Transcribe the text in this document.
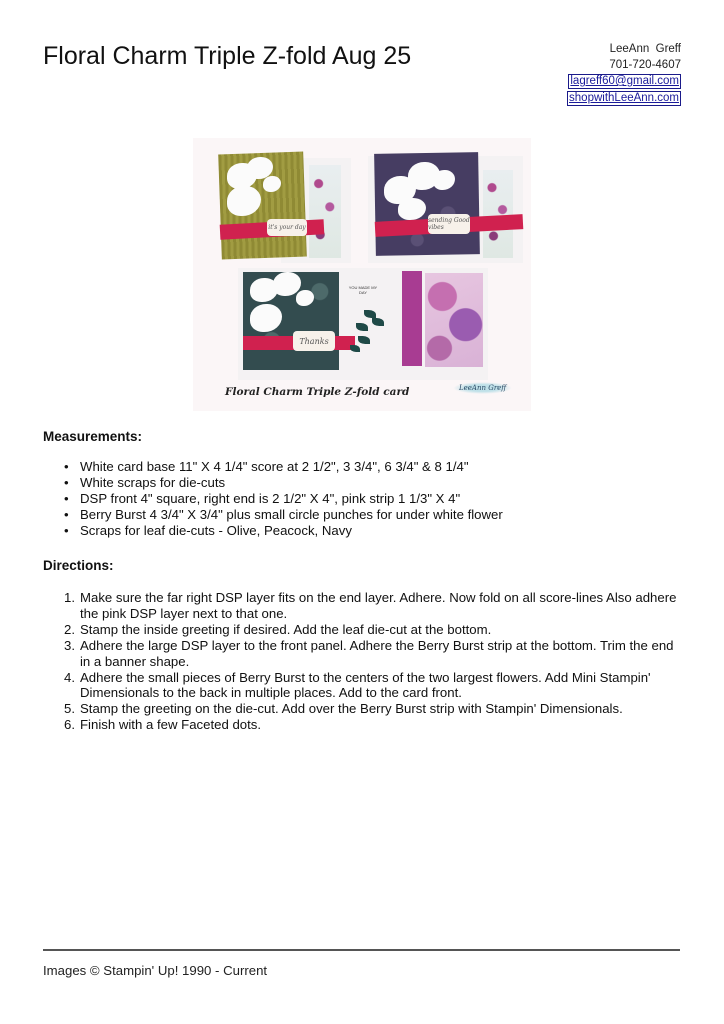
Floral Charm Triple Z-fold Aug 25	LeeAnn  Greff
701-720-4607
lagreff60@gmail.com
shopwithLeeAnn.com
it's your day
sending Good vibes
Thanks
YOU MADE MY DAY
Floral Charm Triple Z-fold card	LeeAnn Greff
Measurements:
• White card base 11" X 4 1/4" score at 2 1/2", 3 3/4", 6 3/4" & 8 1/4"
• White scraps for die-cuts
• DSP front 4" square, right end is 2 1/2" X 4", pink strip 1 1/3" X 4"
• Berry Burst 4 3/4" X 3/4" plus small circle punches for under white flower
• Scraps for leaf die-cuts - Olive, Peacock, Navy
Directions:
1. Make sure the far right DSP layer fits on the end layer. Adhere. Now fold on all score-lines Also adhere the pink DSP layer next to that one.
2. Stamp the inside greeting if desired. Add the leaf die-cut at the bottom.
3. Adhere the large DSP layer to the front panel. Adhere the Berry Burst strip at the bottom. Trim the end in a banner shape.
4. Adhere the small pieces of Berry Burst to the centers of the two largest flowers. Add Mini Stampin' Dimensionals to the back in multiple places. Add to the card front.
5. Stamp the greeting on the die-cut. Add over the Berry Burst strip with Stampin' Dimensionals.
6. Finish with a few Faceted dots.
Images © Stampin' Up! 1990 - Current
